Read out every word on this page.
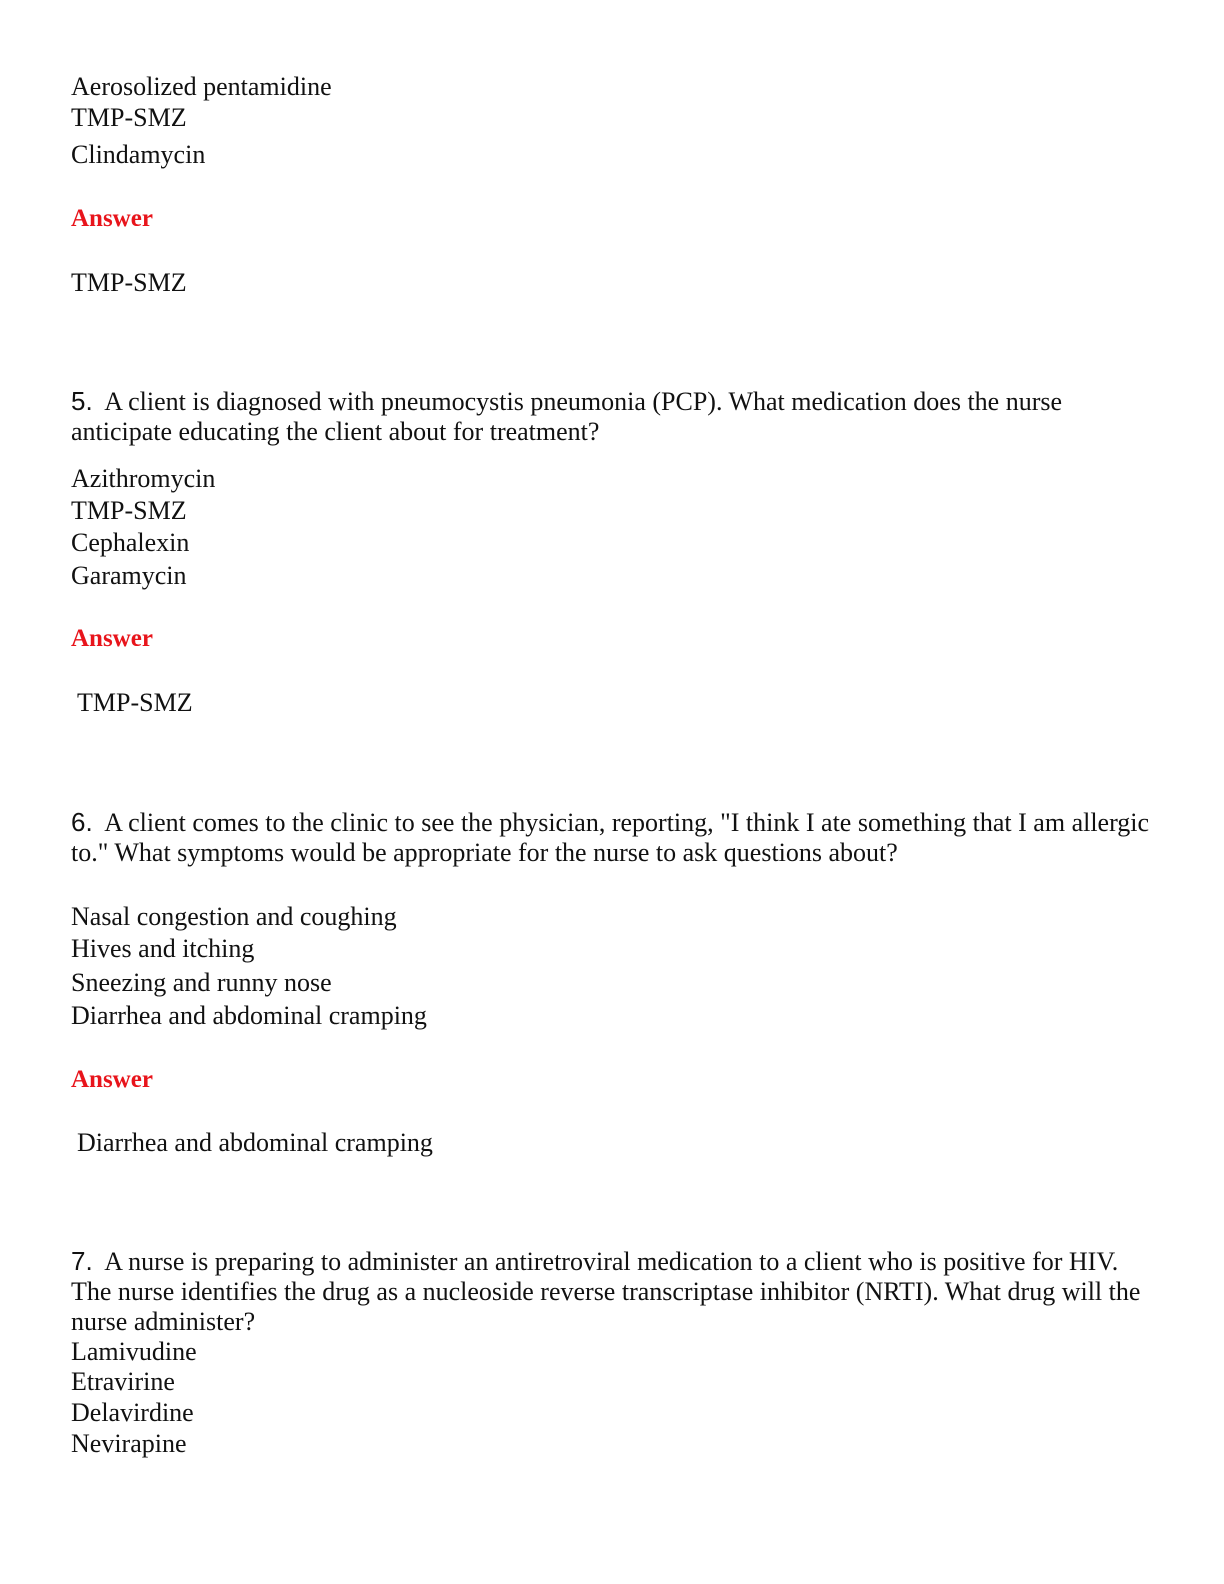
Aerosolized pentamidine
TMP-SMZ
Clindamycin
Answer
TMP-SMZ
5. A client is diagnosed with pneumocystis pneumonia (PCP). What medication does the nurse anticipate educating the client about for treatment?
Azithromycin
TMP-SMZ
Cephalexin
Garamycin
Answer
TMP-SMZ
6. A client comes to the clinic to see the physician, reporting, "I think I ate something that I am allergic to." What symptoms would be appropriate for the nurse to ask questions about?
Nasal congestion and coughing
Hives and itching
Sneezing and runny nose
Diarrhea and abdominal cramping
Answer
Diarrhea and abdominal cramping
7. A nurse is preparing to administer an antiretroviral medication to a client who is positive for HIV. The nurse identifies the drug as a nucleoside reverse transcriptase inhibitor (NRTI). What drug will the nurse administer?
Lamivudine
Etravirine
Delavirdine
Nevirapine
